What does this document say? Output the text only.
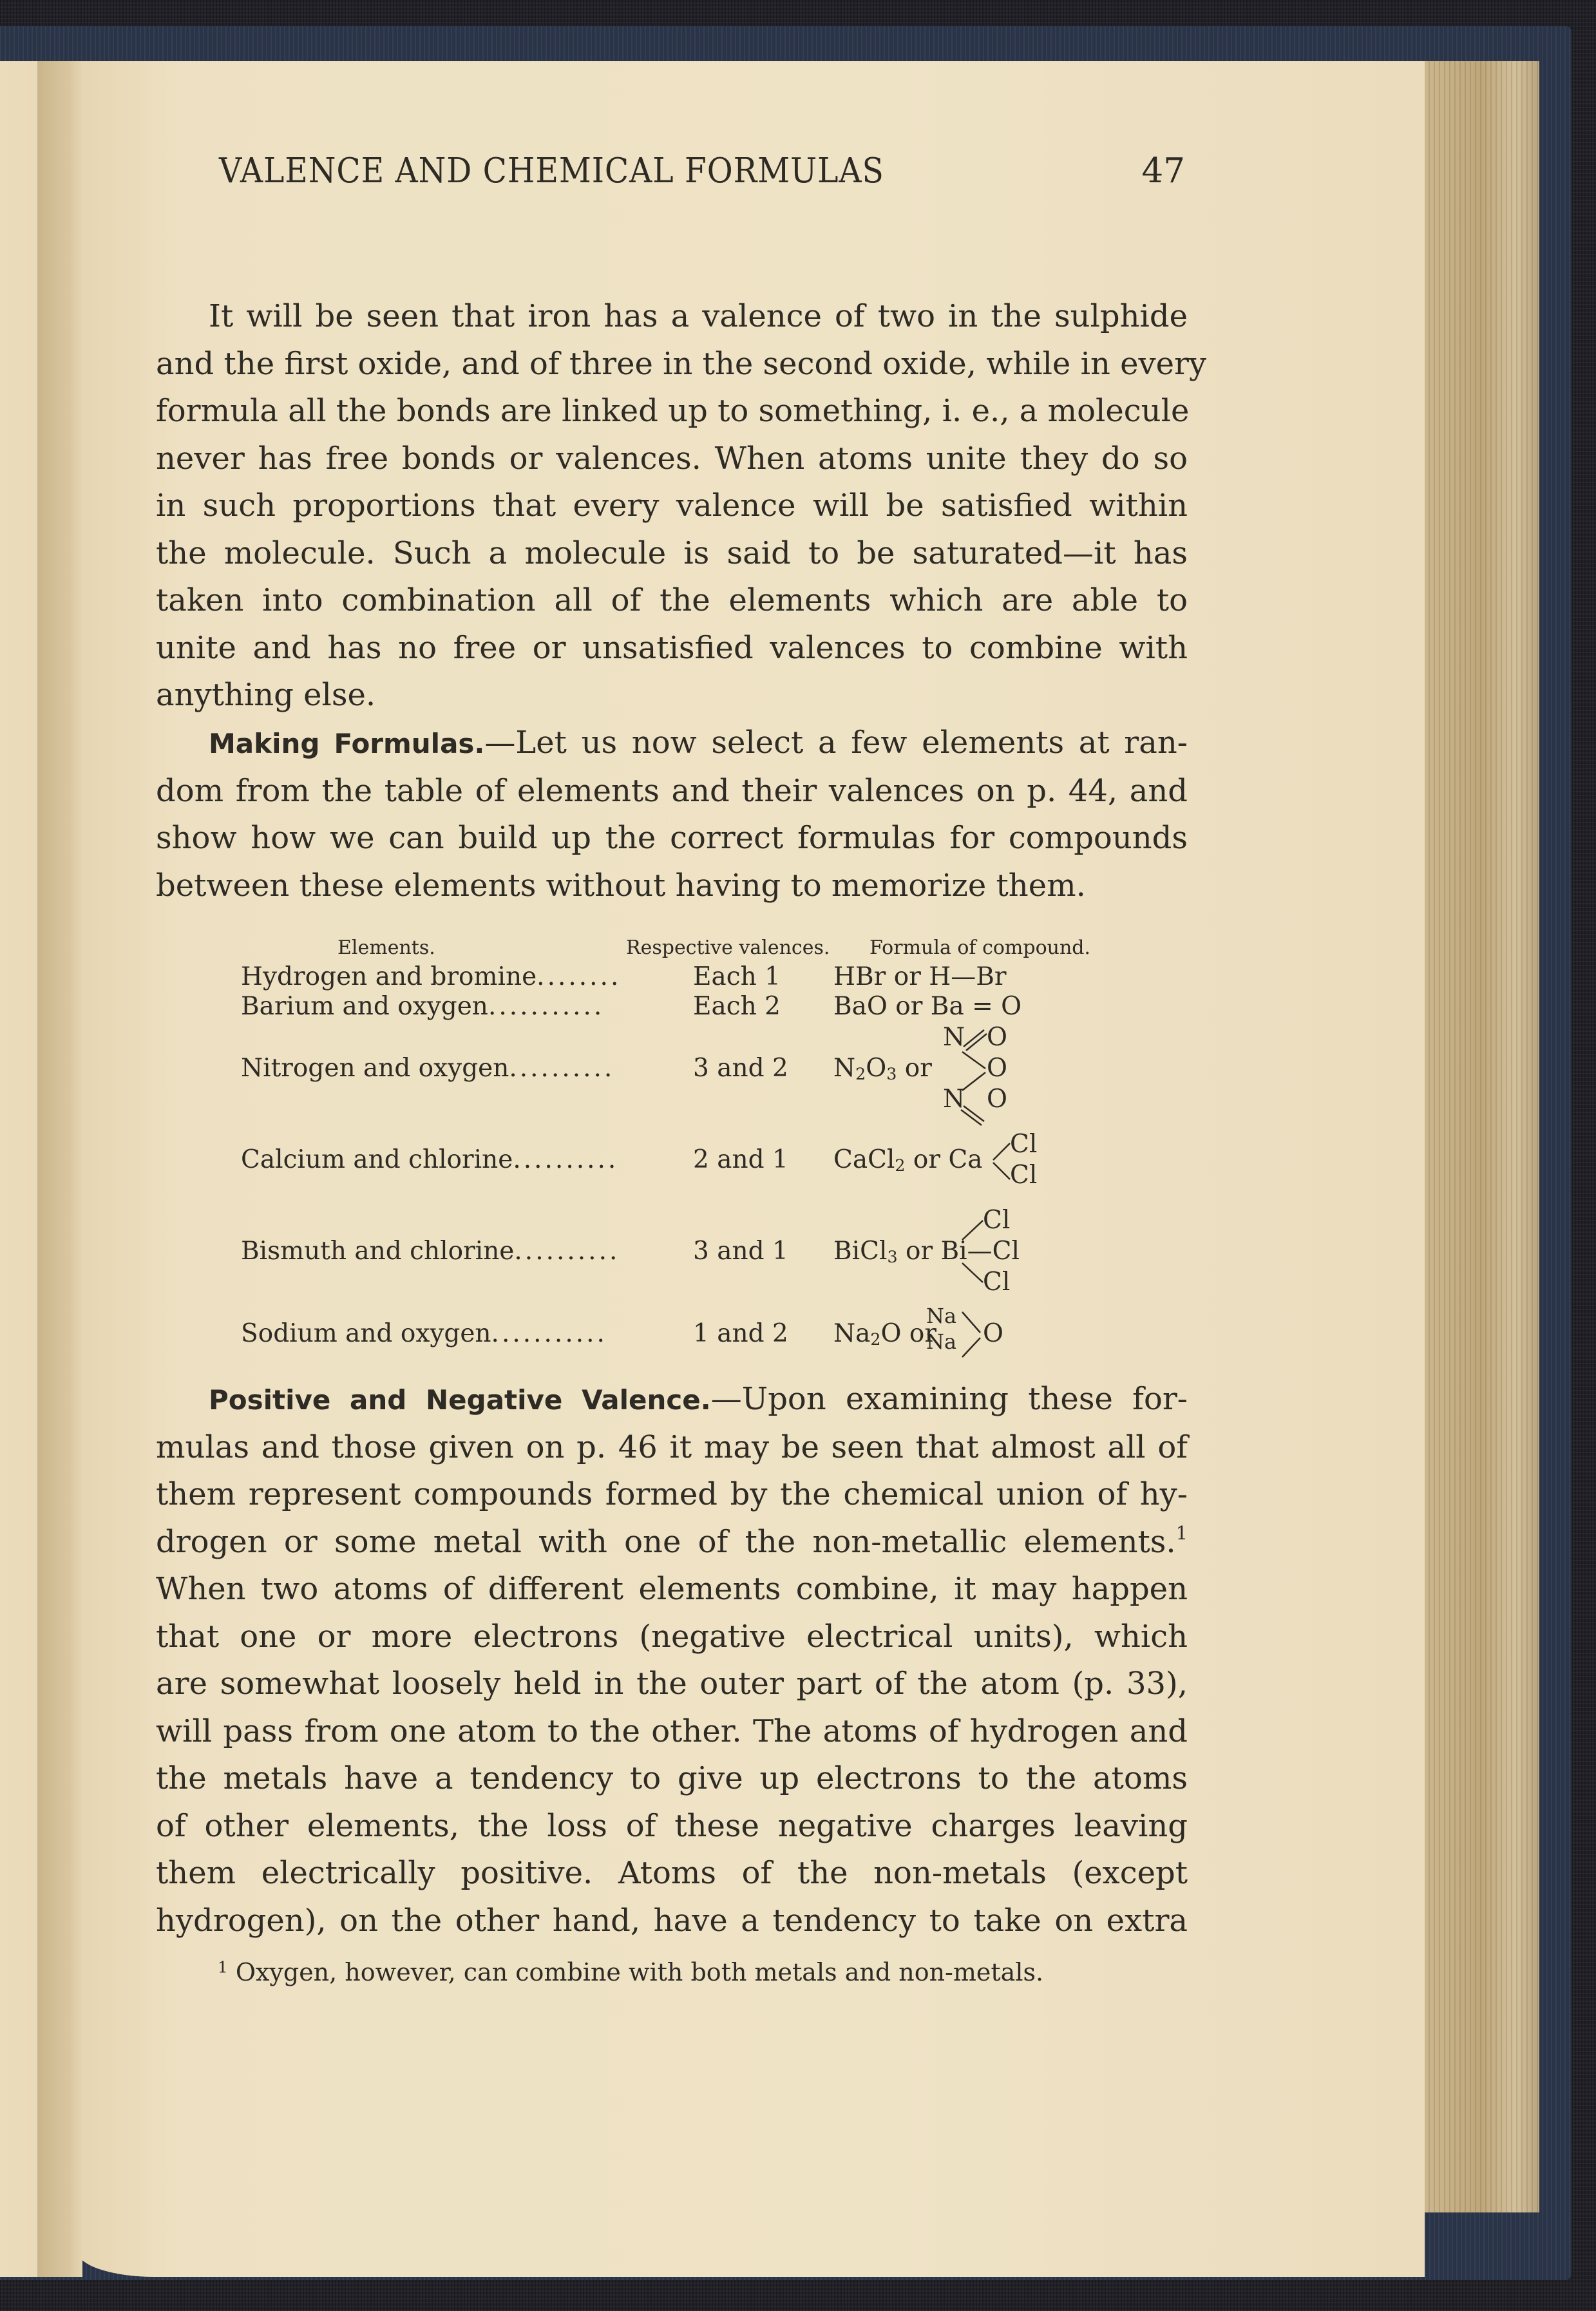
VALENCE AND CHEMICAL FORMULAS	47
It will be seen that iron has a valence of two in the sulphide
and the first oxide, and of three in the second oxide, while in every
formula all the bonds are linked up to something, i. e., a molecule
never has free bonds or valences. When atoms unite they do so
in such proportions that every valence will be satisfied within
the molecule. Such a molecule is said to be saturated—it has
taken into combination all of the elements which are able to
unite and has no free or unsatisfied valences to combine with
anything else.
Making Formulas.—Let us now select a few elements at ran-
dom from the table of elements and their valences on p. 44, and
show how we can build up the correct formulas for compounds
between these elements without having to memorize them.
Elements.	Respective valences. Formula of compound.
Hydrogen and bromine........	Each 1 HBr or H—Br
Barium and oxygen...........	Each 2 BaO or Ba = O
Nitrogen and oxygen..........	3 and 2 $N_2O_3$ or
N O
O
N O
Calcium and chlorine..........	2 and 1 CaCl$_2$ or Ca
Cl
Cl
Bismuth and chlorine..........	3 and 1 BiCl$_3$ or Bi—Cl
Cl
Cl
Sodium and oxygen...........	1 and 2 $Na_2O$ or
Na
Na O
Positive and Negative Valence.—Upon examining these for-
mulas and those given on p. 46 it may be seen that almost all of
them represent compounds formed by the chemical union of hy-
drogen or some metal with one of the non-metallic elements.$^1$
When two atoms of different elements combine, it may happen
that one or more electrons (negative electrical units), which
are somewhat loosely held in the outer part of the atom (p. 33),
will pass from one atom to the other. The atoms of hydrogen and
the metals have a tendency to give up electrons to the atoms
of other elements, the loss of these negative charges leaving
them electrically positive. Atoms of the non-metals (except
hydrogen), on the other hand, have a tendency to take on extra
$^1$ Oxygen, however, can combine with both metals and non-metals.
